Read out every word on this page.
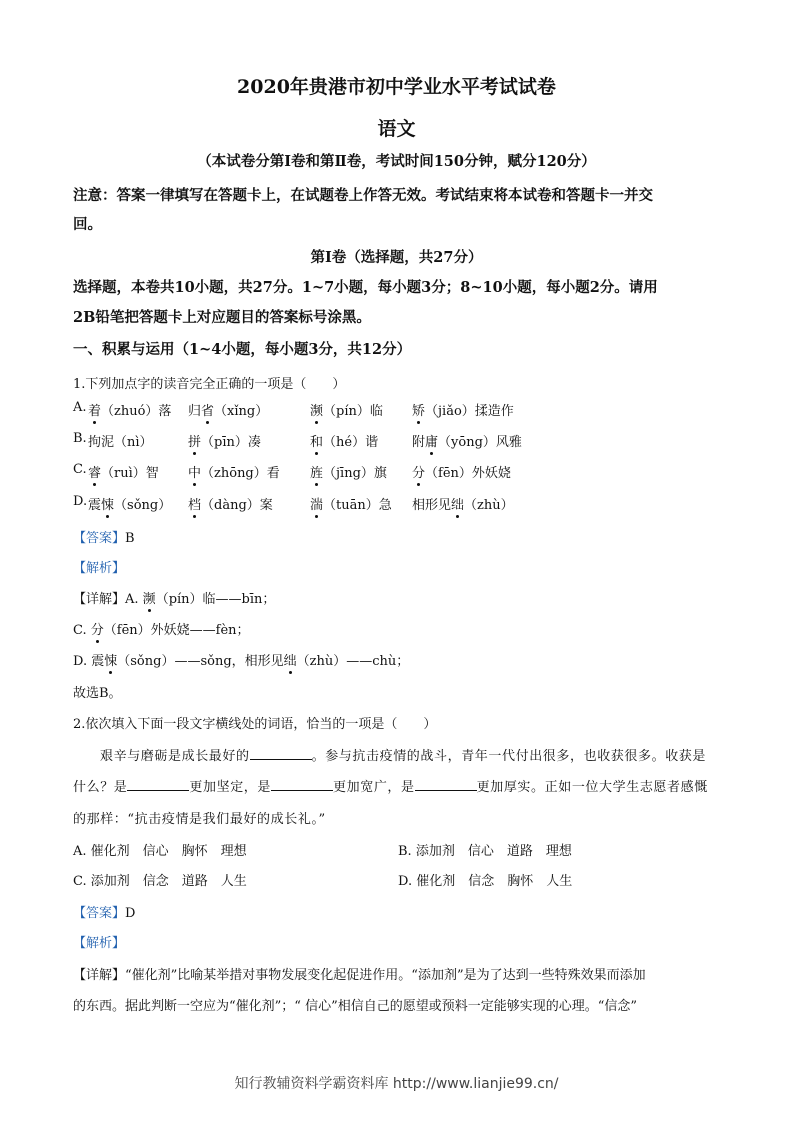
2020年贵港市初中学业水平考试试卷
语文
（本试卷分第Ⅰ卷和第Ⅱ卷，考试时间150分钟，赋分120分）
注意：答案一律填写在答题卡上，在试题卷上作答无效。考试结束将本试卷和答题卡一并交
回。
第Ⅰ卷（选择题，共27分）
选择题，本卷共10小题，共27分。1~7小题，每小题3分；8~10小题，每小题2分。请用
2B铅笔把答题卡上对应题目的答案标号涂黑。
一、积累与运用（1~4小题，每小题3分，共12分）
1.下列加点字的读音完全正确的一项是（　　）
A. 着（zhuó）落 归省（xǐng）	濒（pín）临 矫（jiǎo）揉造作
B. 拘泥（nì）	拼（pīn）凑	和（hé）谐	附庸（yōng）风雅
C. 睿（ruì）智 中（zhōng）看 旌（jīng）旗 分（fēn）外妖娆
D. 震悚（sǒng） 档（dàng）案	湍（tuān）急 相形见绌（zhù）
【答案】B
【解析】
【详解】A. 濒（pín）临——bīn；
C. 分（fēn）外妖娆——fèn；
D. 震悚（sǒng）——sǒng，相形见绌（zhù）——chù；
故选B。
2.依次填入下面一段文字横线处的词语，恰当的一项是（　　）
艰辛与磨砺是成长最好的	。参与抗击疫情的战斗，青年一代付出很多，也收获很多。收获是
什么？是	更加坚定，是	更加宽广，是	更加厚实。正如一位大学生志愿者感慨
的那样：“抗击疫情是我们最好的成长礼。”
A. 催化剂　信心　胸怀　理想	B. 添加剂　信心　道路　理想
C. 添加剂　信念　道路　人生	D. 催化剂　信念　胸怀　人生
【答案】D
【解析】
【详解】“催化剂”比喻某举措对事物发展变化起促进作用。“添加剂”是为了达到一些特殊效果而添加
的东西。据此判断一空应为“催化剂”；“ 信心”相信自己的愿望或预料一定能够实现的心理。“信念”
知行教辅资料学霸资料库 http://www.lianjie99.cn/
